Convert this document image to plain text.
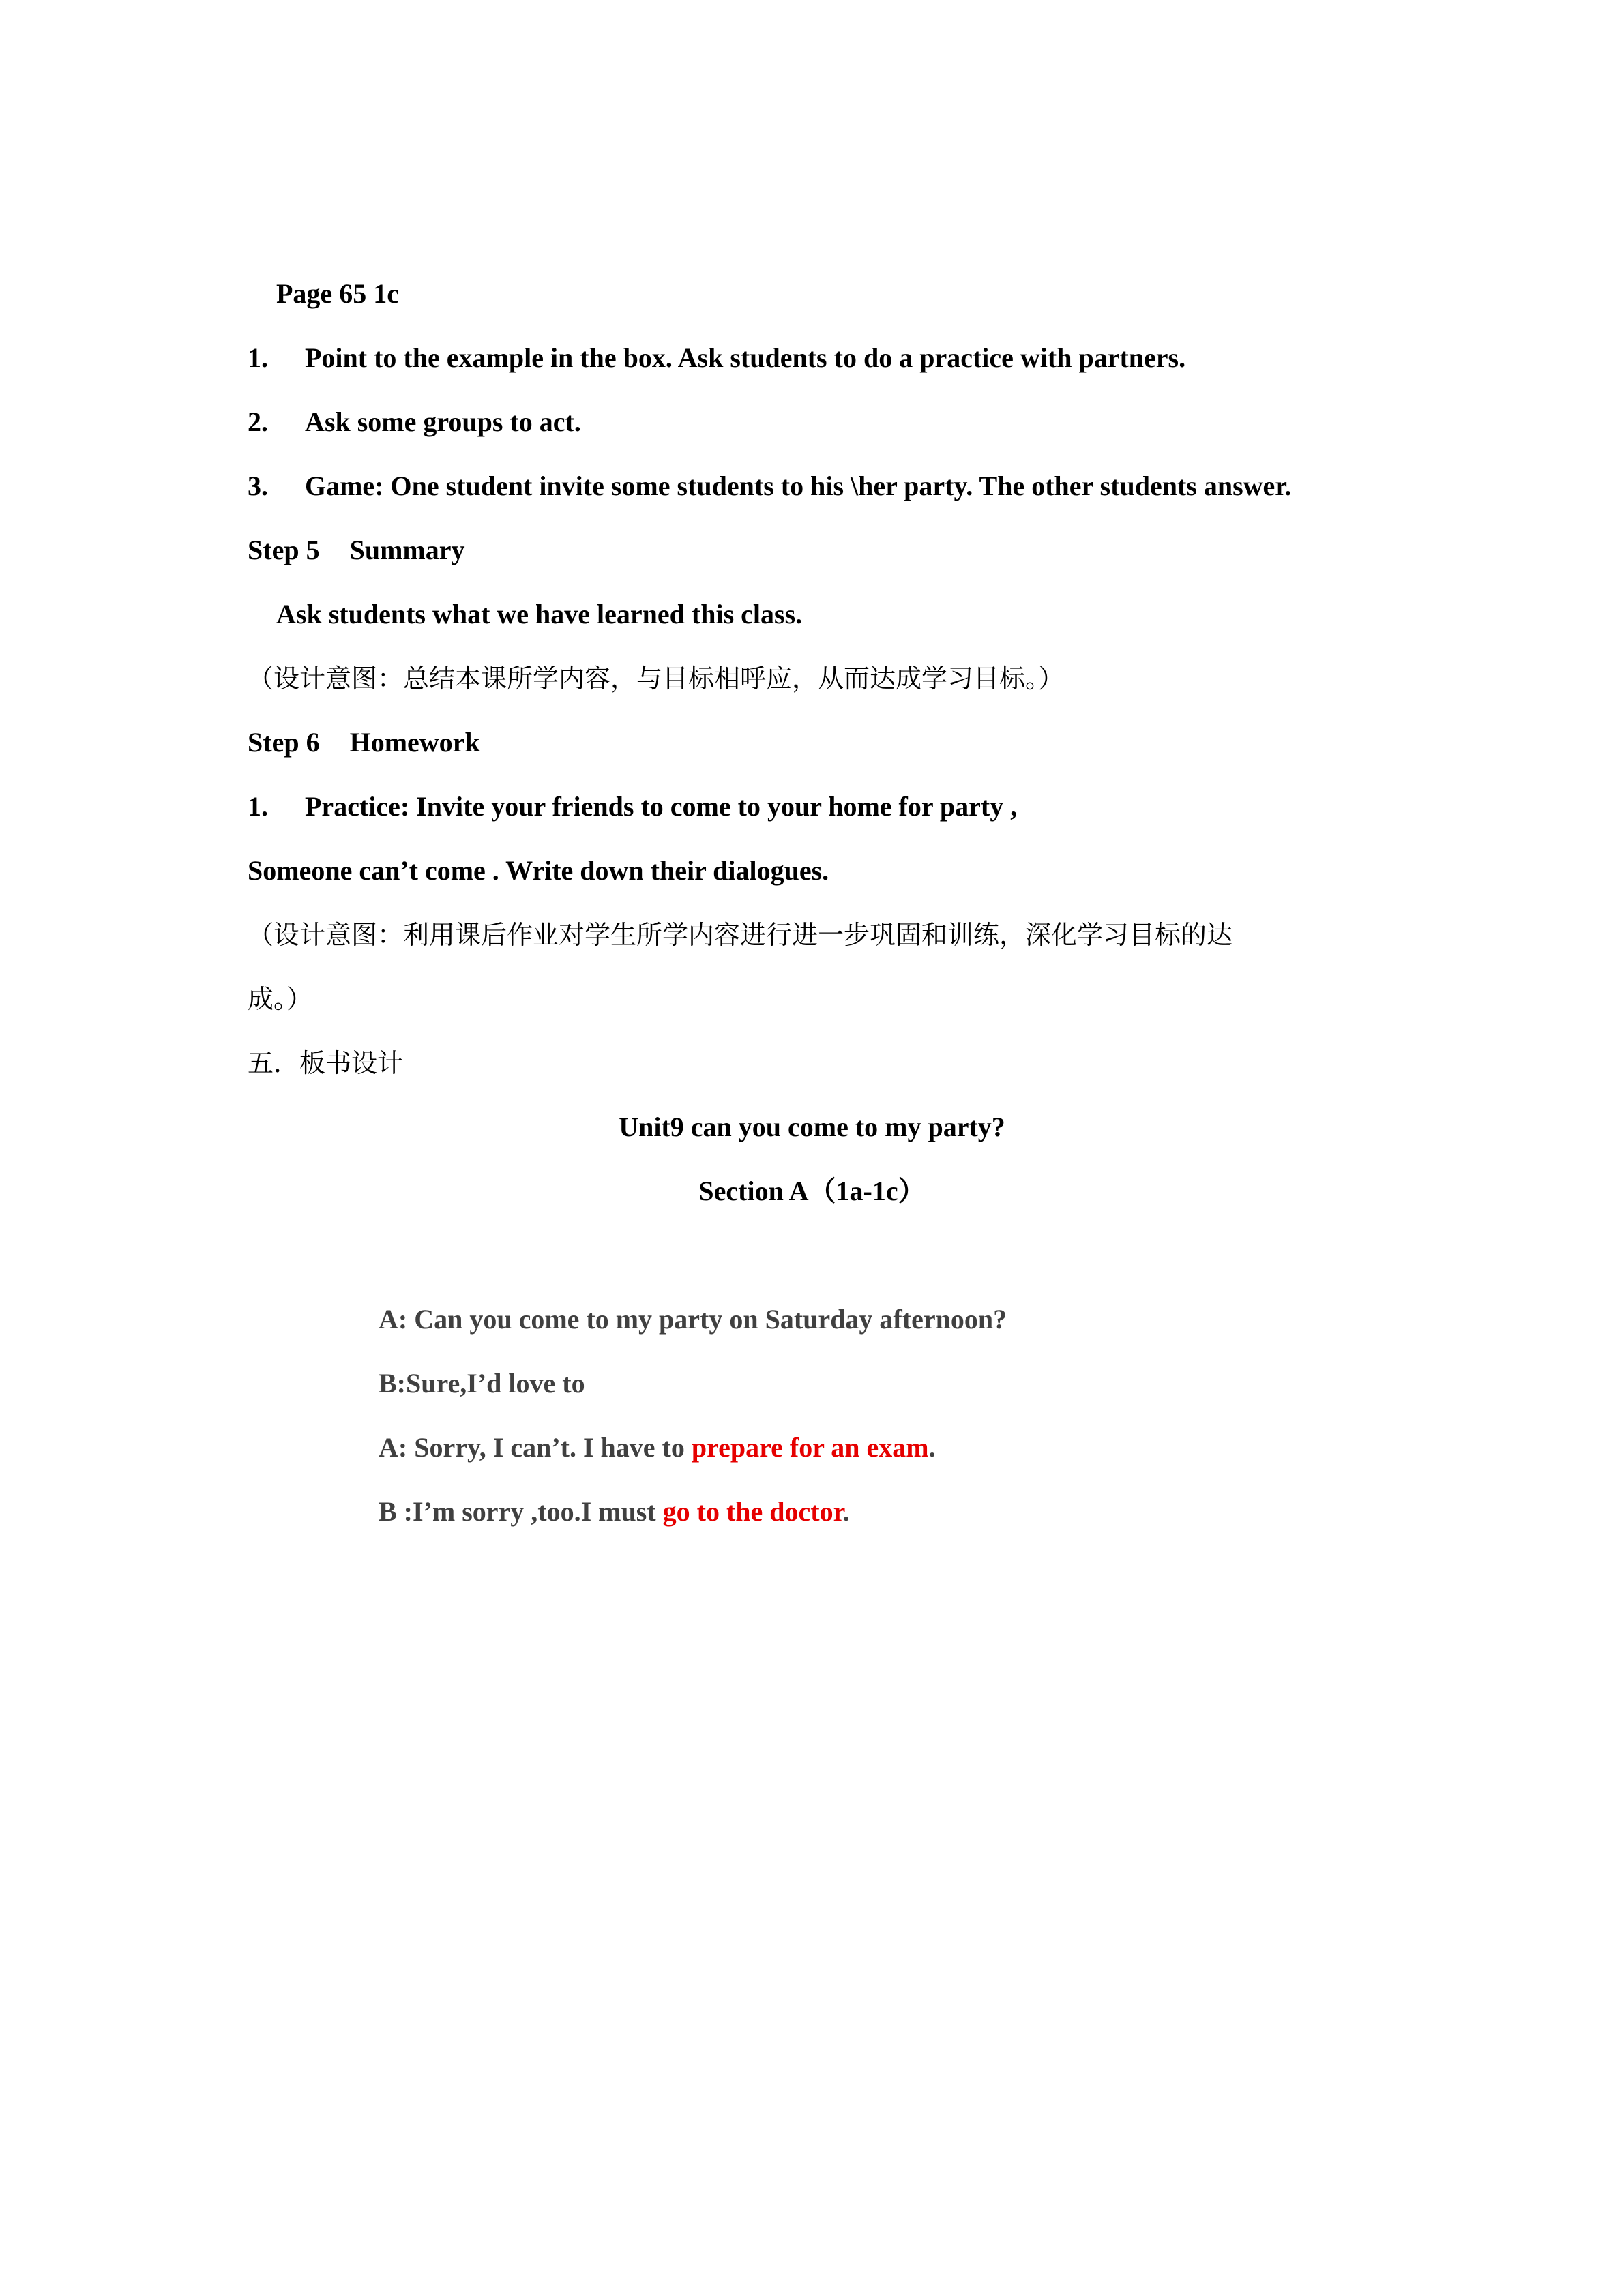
Page 65 1c

1. Point to the example in the box. Ask students to do a practice with partners.

2. Ask some groups to act.

3. Game: One student invite some students to his \her party. The other students answer.

Step 5 Summary

Ask students what we have learned this class.

（设计意图：总结本课所学内容，与目标相呼应，从而达成学习目标。）

Step 6 Homework

1. Practice: Invite your friends to come to your home for party ,

Someone can’t come . Write down their dialogues.

（设计意图：利用课后作业对学生所学内容进行进一步巩固和训练，深化学习目标的达

成。）

五．板书设计

Unit9 can you come to my party?

Section A（1a-1c）

A: Can you come to my party on Saturday afternoon?

B:Sure,I’d love to

A: Sorry, I can’t. I have to prepare for an exam.

B :I’m sorry ,too.I must go to the doctor.
